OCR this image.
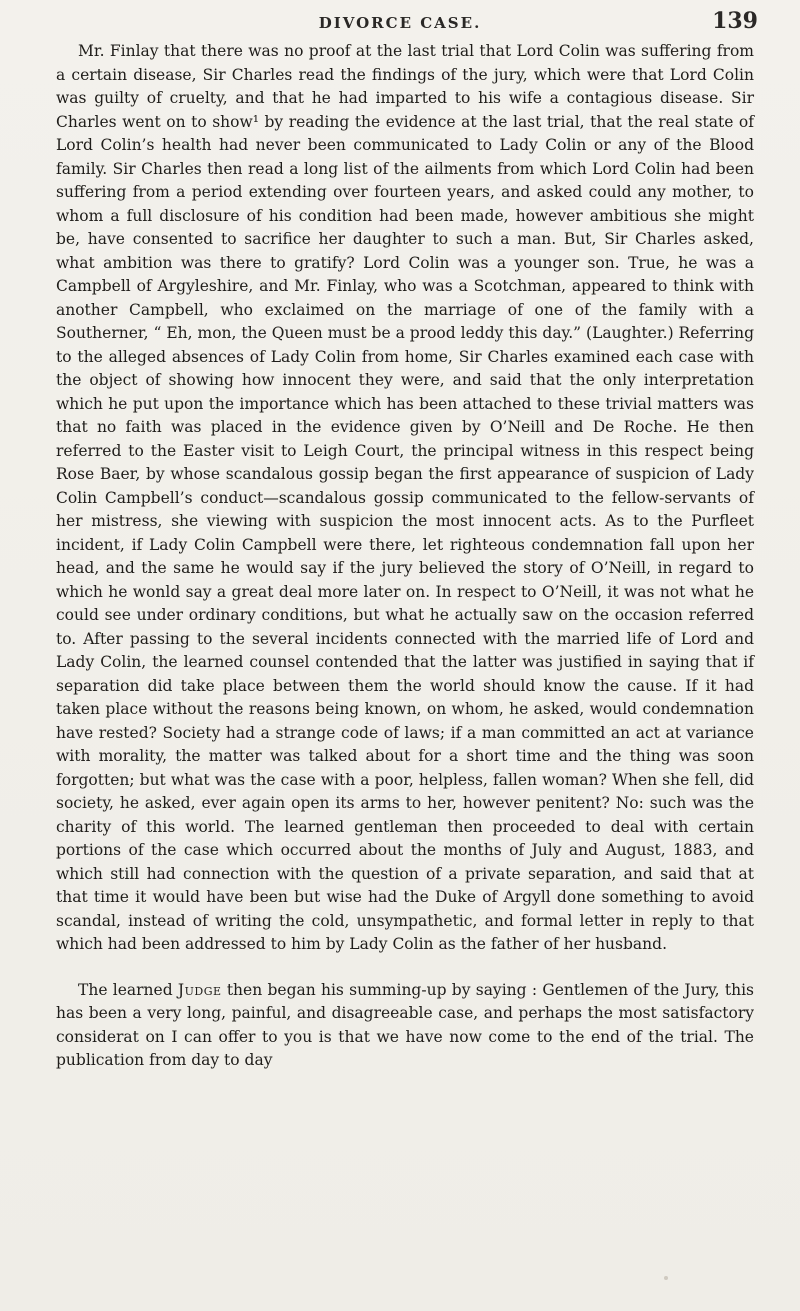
DIVORCE CASE.	139

Mr. Finlay that there was no proof at the last trial that Lord Colin was suffering from a certain disease, Sir Charles read the findings of the jury, which were that Lord Colin was guilty of cruelty, and that he had imparted to his wife a contagious disease. Sir Charles went on to show¹ by reading the evidence at the last trial, that the real state of Lord Colin’s health had never been communicated to Lady Colin or any of the Blood family. Sir Charles then read a long list of the ailments from which Lord Colin had been suffering from a period extending over fourteen years, and asked could any mother, to whom a full disclosure of his condition had been made, however ambitious she might be, have consented to sacrifice her daughter to such a man. But, Sir Charles asked, what ambition was there to gratify? Lord Colin was a younger son. True, he was a Campbell of Argyleshire, and Mr. Finlay, who was a Scotchman, appeared to think with another Campbell, who exclaimed on the marriage of one of the family with a Southerner, “ Eh, mon, the Queen must be a prood leddy this day.” (Laughter.) Referring to the alleged absences of Lady Colin from home, Sir Charles examined each case with the object of showing how innocent they were, and said that the only interpretation which he put upon the importance which has been attached to these trivial matters was that no faith was placed in the evidence given by O’Neill and De Roche. He then referred to the Easter visit to Leigh Court, the principal witness in this respect being Rose Baer, by whose scandalous gossip began the first appearance of suspicion of Lady Colin Campbell’s conduct—scandalous gossip communicated to the fellow-servants of her mistress, she viewing with suspicion the most innocent acts. As to the Purfleet incident, if Lady Colin Campbell were there, let righteous condemnation fall upon her head, and the same he would say if the jury believed the story of O’Neill, in regard to which he wonld say a great deal more later on. In respect to O’Neill, it was not what he could see under ordinary conditions, but what he actually saw on the occasion referred to. After passing to the several incidents connected with the married life of Lord and Lady Colin, the learned counsel contended that the latter was justified in saying that if separation did take place between them the world should know the cause. If it had taken place without the reasons being known, on whom, he asked, would condemnation have rested? Society had a strange code of laws; if a man committed an act at variance with morality, the matter was talked about for a short time and the thing was soon forgotten; but what was the case with a poor, helpless, fallen woman? When she fell, did society, he asked, ever again open its arms to her, however penitent? No: such was the charity of this world. The learned gentleman then proceeded to deal with certain portions of the case which occurred about the months of July and August, 1883, and which still had connection with the question of a private separation, and said that at that time it would have been but wise had the Duke of Argyll done something to avoid scandal, instead of writing the cold, unsympathetic, and formal letter in reply to that which had been addressed to him by Lady Colin as the father of her husband.

The learned Judge then began his summing-up by saying : Gentlemen of the Jury, this has been a very long, painful, and disagreeable case, and perhaps the most satisfactory considerat on I can offer to you is that we have now come to the end of the trial. The publication from day to day
